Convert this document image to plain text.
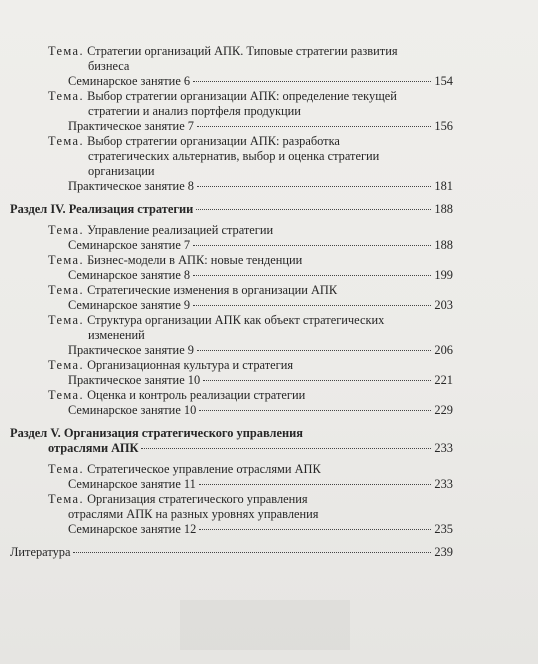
Тема. Стратегии организаций АПК. Типовые стратегии развития
бизнеса
Семинарское занятие 6	154
Тема. Выбор стратегии организации АПК: определение текущей
стратегии и анализ портфеля продукции
Практическое занятие 7	156
Тема. Выбор стратегии организации АПК: разработка
стратегических альтернатив, выбор и оценка стратегии
организации
Практическое занятие 8	181
Раздел IV. Реализация стратегии	188
Тема. Управление реализацией стратегии
Семинарское занятие 7	188
Тема. Бизнес-модели в АПК: новые тенденции
Семинарское занятие 8	199
Тема. Стратегические изменения в организации АПК
Семинарское занятие 9	203
Тема. Структура организации АПК как объект стратегических
изменений
Практическое занятие 9	206
Тема. Организационная культура и стратегия
Практическое занятие 10	221
Тема. Оценка и контроль реализации стратегии
Семинарское занятие 10	229
Раздел V. Организация стратегического управления
отраслями АПК	233
Тема. Стратегическое управление отраслями АПК
Семинарское занятие 11	233
Тема. Организация стратегического управления
отраслями АПК на разных уровнях управления
Семинарское занятие 12	235
Литература	239
